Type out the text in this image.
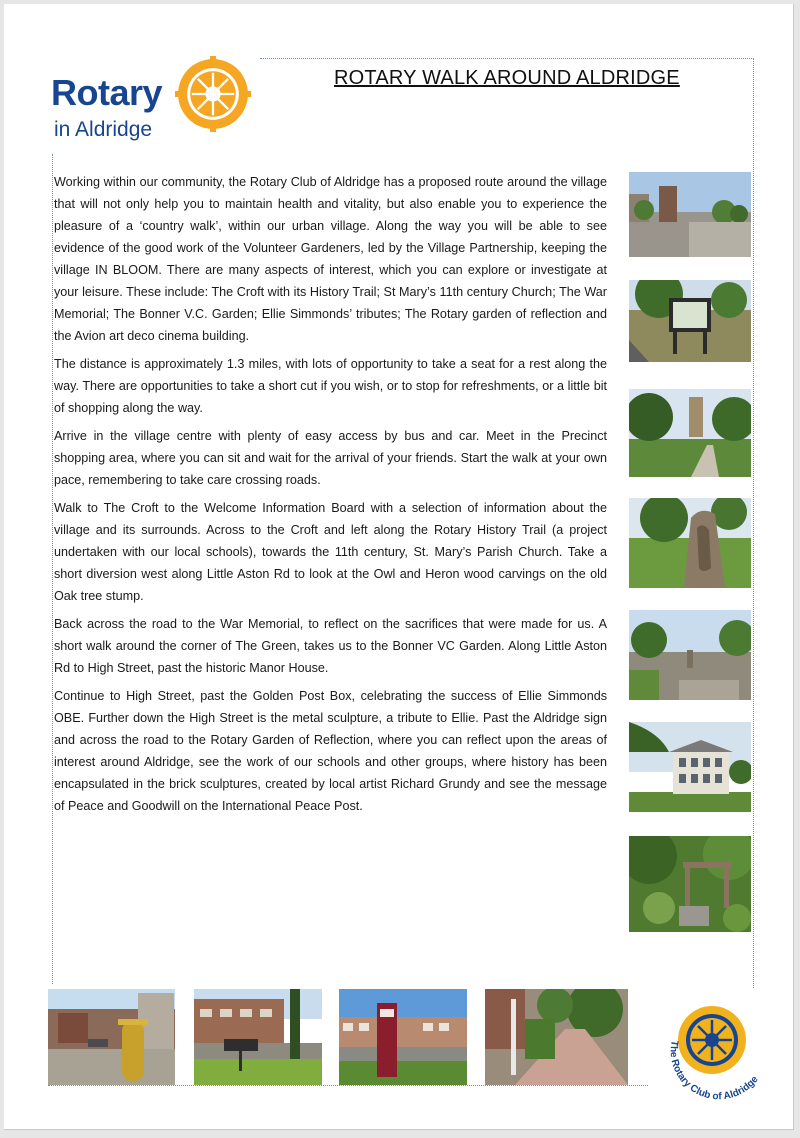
Rotary
in Aldridge
ROTARY WALK AROUND ALDRIDGE

Working within our community, the Rotary Club of Aldridge has a proposed route around the village that will not only help you to maintain health and vitality, but also enable you to experience the pleasure of a ‘country walk’, within our urban village. Along the way you will be able to see evidence of the good work of the Volunteer Gardeners, led by the Village Partnership, keeping the village IN BLOOM. There are many aspects of interest, which you can explore or investigate at your leisure. These include: The Croft with its History Trail; St Mary’s 11th century Church; The War Memorial; The Bonner V.C. Garden; Ellie Simmonds’ tributes; The Rotary garden of reflection and the Avion art deco cinema building.

The distance is approximately 1.3 miles, with lots of opportunity to take a seat for a rest along the way. There are opportunities to take a short cut if you wish, or to stop for refreshments, or a little bit of shopping along the way.

Arrive in the village centre with plenty of easy access by bus and car. Meet in the Precinct shopping area, where you can sit and wait for the arrival of your friends. Start the walk at your own pace, remembering to take care crossing roads.

Walk to The Croft to the Welcome Information Board with a selection of information about the village and its surrounds. Across to the Croft and left along the Rotary History Trail (a project undertaken with our local schools), towards the 11th century, St. Mary’s Parish Church. Take a short diversion west along Little Aston Rd to look at the Owl and Heron wood carvings on the old Oak tree stump.

Back across the road to the War Memorial, to reflect on the sacrifices that were made for us. A short walk around the corner of The Green, takes us to the Bonner VC Garden. Along Little Aston Rd to High Street, past the historic Manor House.

Continue to High Street, past the Golden Post Box, celebrating the success of Ellie Simmonds OBE. Further down the High Street is the metal sculpture, a tribute to Ellie. Past the Aldridge sign and across the road to the Rotary Garden of Reflection, where you can reflect upon the areas of interest around Aldridge, see the work of our schools and other groups, where history has been encapsulated in the brick sculptures, created by local artist Richard Grundy and see the message of Peace and Goodwill on the International Peace Post.

The Rotary Club of Aldridge
